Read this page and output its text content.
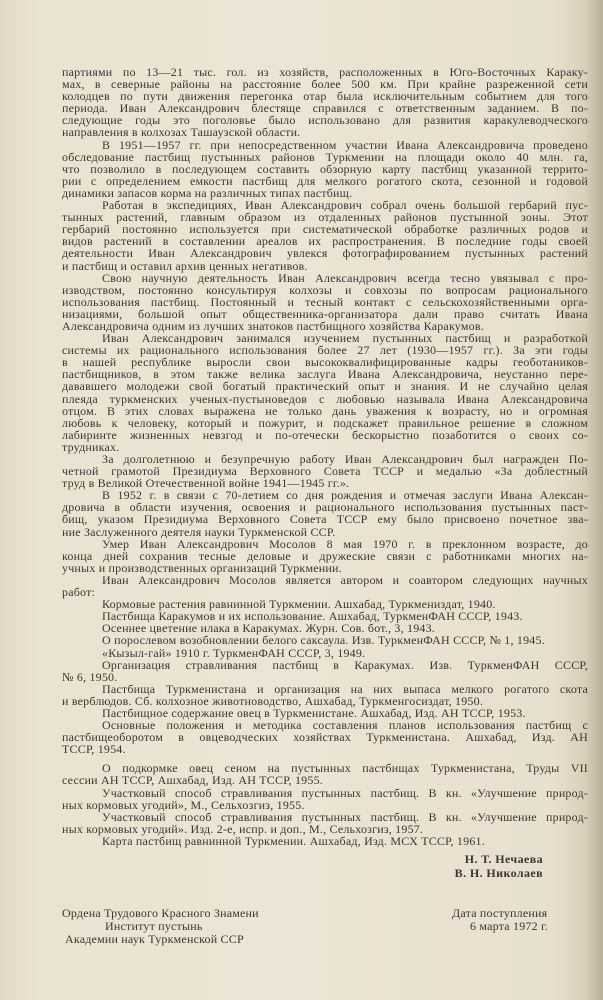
партиями по 13—21 тыс. гол. из хозяйств, расположенных в Юго-Восточных Караку-
мах, в северные районы на расстояние более 500 км. При крайне разреженной сети
колодцев по пути движения перегонка отар была исключительным событием для того
периода. Иван Александрович блестяще справился с ответственным заданием. В по-
следующие годы это поголовье было использовано для развития каракулеводческого
направления в колхозах Ташаузской области.
В 1951—1957 гг. при непосредственном участии Ивана Александровича проведено
обследование пастбищ пустынных районов Туркмении на площади около 40 млн. га,
что позволило в последующем составить обзорную карту пастбищ указанной террито-
рии с определением емкости пастбищ для мелкого рогатого скота, сезонной и годовой
динамики запасов корма на различных типах пастбищ.
Работая в экспедициях, Иван Александрович собрал очень большой гербарий пус-
тынных растений, главным образом из отдаленных районов пустынной зоны. Этот
гербарий постоянно используется при систематической обработке различных родов и
видов растений в составлении ареалов их распространения. В последние годы своей
деятельности Иван Александрович увлекся фотографированием пустынных растений
и пастбищ и оставил архив ценных негативов.
Свою научную деятельность Иван Александрович всегда тесно увязывал с про-
изводством, постоянно консультируя колхозы и совхозы по вопросам рационального
использования пастбищ. Постоянный и тесный контакт с сельскохозяйственными орга-
низациями, большой опыт общественника-организатора дали право считать Ивана
Александровича одним из лучших знатоков пастбищного хозяйства Каракумов.
Иван Александрович занимался изучением пустынных пастбищ и разработкой
системы их рационального использования более 27 лет (1930—1957 гг.). За эти годы
в нашей республике выросли свои высококвалифицированные кадры геоботаников-
пастбищников, в этом также велика заслуга Ивана Александровича, неустанно пере-
дававшего молодежи свой богатый практический опыт и знания. И не случайно целая
плеяда туркменских ученых-пустыноведов с любовью называла Ивана Александровича
отцом. В этих словах выражена не только дань уважения к возрасту, но и огромная
любовь к человеку, который и пожурит, и подскажет правильное решение в сложном
лабиринте жизненных невзгод и по-отечески бескорыстно позаботится о своих со-
трудниках.
За долголетнюю и безупречную работу Иван Александрович был награжден По-
четной грамотой Президиума Верховного Совета ТССР и медалью «За доблестный
труд в Великой Отечественной войне 1941—1945 гг.».
В 1952 г. в связи с 70-летием со дня рождения и отмечая заслуги Ивана Алексан-
дровича в области изучения, освоения и рационального использования пустынных паст-
бищ, указом Президиума Верховного Совета ТССР ему было присвоено почетное зва-
ние Заслуженного деятеля науки Туркменской ССР.
Умер Иван Александрович Мосолов 8 мая 1970 г. в преклонном возрасте, до
конца дней сохранив тесные деловые и дружеские связи с работниками многих на-
учных и производственных организаций Туркмении.
Иван Александрович Мосолов является автором и соавтором следующих научных
работ:
Кормовые растения равнинной Туркмении. Ашхабад, Туркмениздат, 1940.
Пастбища Каракумов и их использование. Ашхабад, ТуркменФАН СССР, 1943.
Осеннее цветение илака в Каракумах. Журн. Сов. бот., 3, 1943.
О порослевом возобновлении белого саксаула. Изв. ТуркменФАН СССР, № 1, 1945.
«Кызыл-гай» 1910 г. ТуркменФАН СССР, 3, 1949.
Организация стравливания пастбищ в Каракумах. Изв. ТуркменФАН СССР,
№ 6, 1950.
Пастбища Туркменистана и организация на них выпаса мелкого рогатого скота
и верблюдов. Сб. колхозное животноводство, Ашхабад, Туркменгосиздат, 1950.
Пастбищное содержание овец в Туркменистане. Ашхабад, Изд. АН ТССР, 1953.
Основные положения и методика составления планов использования пастбищ с
пастбищеоборотом в овцеводческих хозяйствах Туркменистана. Ашхабад, Изд. АН
ТССР, 1954.
О подкормке овец сеном на пустынных пастбищах Туркменистана, Труды VII
сессии АН ТССР, Ашхабад, Изд. АН ТССР, 1955.
Участковый способ стравливания пустынных пастбищ. В кн. «Улучшение природ-
ных кормовых угодий», М., Сельхозгиз, 1955.
Участковый способ стравливания пустынных пастбищ. В кн. «Улучшение природ-
ных кормовых угодий». Изд. 2-е, испр. и доп., М., Сельхозгиз, 1957.
Карта пастбищ равнинной Туркмении. Ашхабад, Изд. МСХ ТССР, 1961.
Н. Т. Нечаева
В. Н. Николаев
Ордена Трудового Красного Знамени
Институт пустынь
Академии наук Туркменской ССР
Дата поступления
6 марта 1972 г.
